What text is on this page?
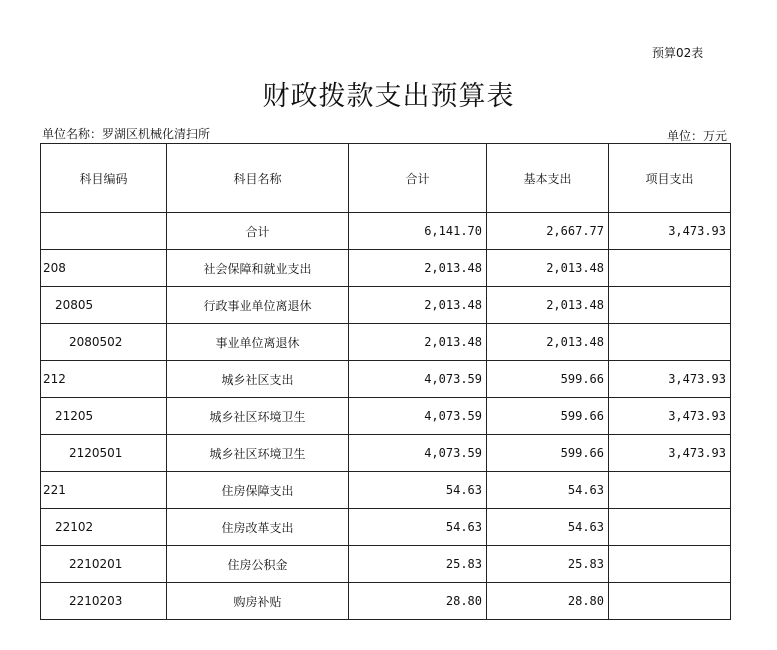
预算02表
财政拨款支出预算表
单位名称：罗湖区机械化清扫所	单位：万元
科目编码	科目名称	合计	基本支出	项目支出
	合计	6,141.70	2,667.77	3,473.93
208	社会保障和就业支出	2,013.48	2,013.48	
20805	行政事业单位离退休	2,013.48	2,013.48	
2080502	事业单位离退休	2,013.48	2,013.48	
212	城乡社区支出	4,073.59	599.66	3,473.93
21205	城乡社区环境卫生	4,073.59	599.66	3,473.93
2120501	城乡社区环境卫生	4,073.59	599.66	3,473.93
221	住房保障支出	54.63	54.63	
22102	住房改革支出	54.63	54.63	
2210201	住房公积金	25.83	25.83	
2210203	购房补贴	28.80	28.80	
